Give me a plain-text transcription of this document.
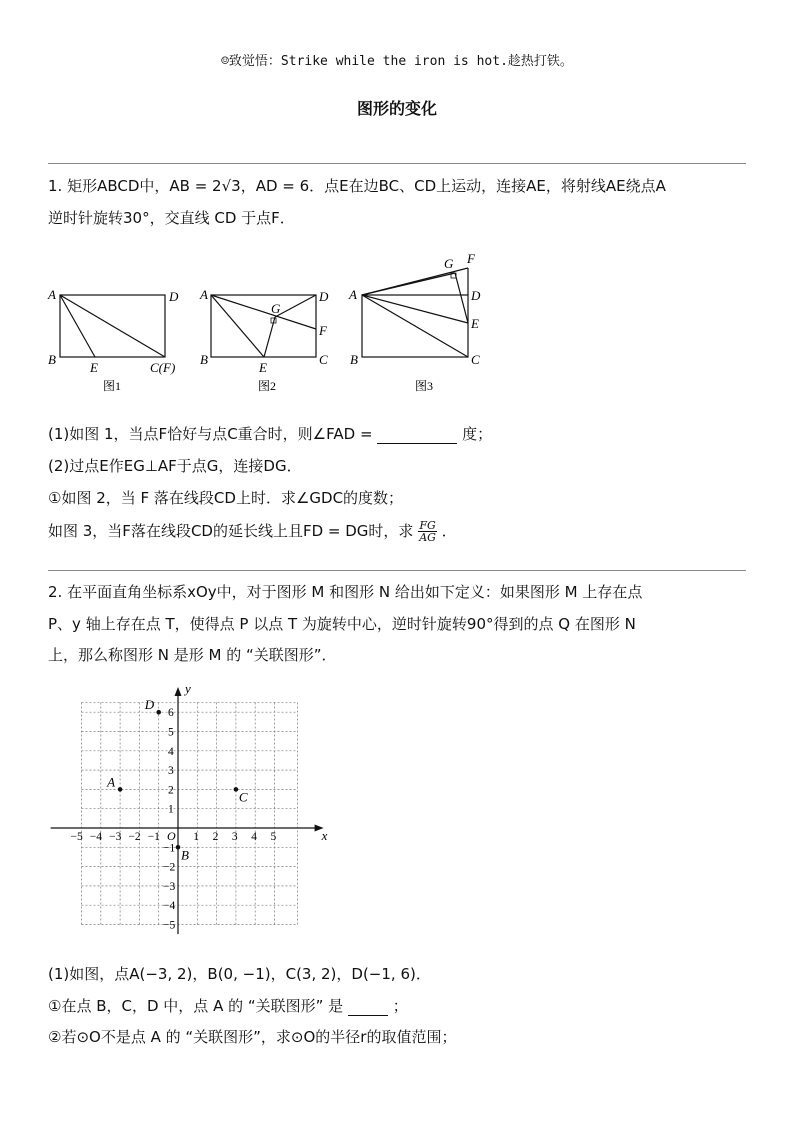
☺致觉悟：Strike while the iron is hot.趁热打铁。
图形的变化
1. 矩形ABCD中，AB = 2√3，AD = 6．点E在边BC、CD上运动，连接AE，将射线AE绕点A
逆时针旋转30°，交直线 CD 于点F．
A	D
B
E	C(F)
图1
A	D
G
F
B
E
C
图2
G F
A	D
E
B	C
图3
(1)如图 1，当点F恰好与点C重合时，则∠FAD =	度；
(2)过点E作EG⊥AF于点G，连接DG．
①如图 2，当 F 落在线段CD上时．求∠GDC的度数；
如图 3，当F落在线段CD的延长线上且FD = DG时，求 $\frac{FG}{AG}$ ．
2. 在平面直角坐标系xOy中，对于图形 M 和图形 N 给出如下定义：如果图形 M 上存在点
P、y 轴上存在点 T，使得点 P 以点 T 为旋转中心，逆时针旋转90°得到的点 Q 在图形 N
上，那么称图形 N 是形 M 的 “关联图形”．
x
y
O
−5 −4 −3 −2 −1	1 2 3 4 5
6
5
4
3
2
1
−1
−2
−3
−4
−5
A
B
C
D
(1)如图，点A(−3, 2)，B(0, −1)，C(3, 2)，D(−1, 6)．
①在点 B，C，D 中，点 A 的 “关联图形” 是	；
②若⊙O不是点 A 的 “关联图形”，求⊙O的半径r的取值范围；
